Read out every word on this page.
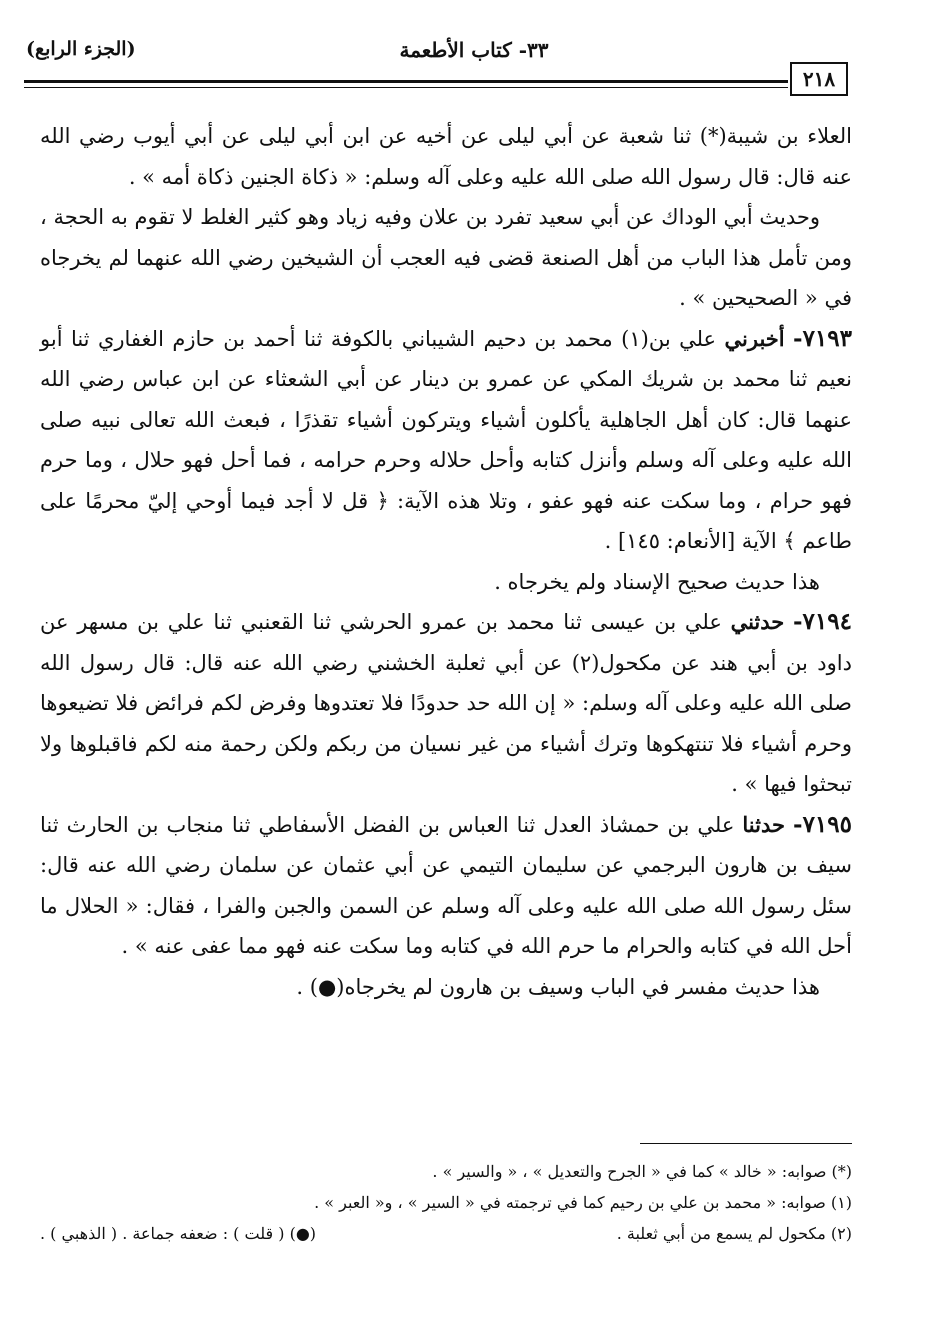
(الجزء الرابع)	٣٣- كتاب الأطعمة
٢١٨

العلاء بن شيبة(*) ثنا شعبة عن أبي ليلى عن أخيه عن ابن أبي ليلى عن أبي أيوب رضي الله عنه قال: قال رسول الله صلى الله عليه وعلى آله وسلم: « ذكاة الجنين ذكاة أمه » .

وحديث أبي الوداك عن أبي سعيد تفرد بن علان وفيه زياد وهو كثير الغلط لا تقوم به الحجة ، ومن تأمل هذا الباب من أهل الصنعة قضى فيه العجب أن الشيخين رضي الله عنهما لم يخرجاه في « الصحيحين » .

٧١٩٣- أخبرني علي بن(١) محمد بن دحيم الشيباني بالكوفة ثنا أحمد بن حازم الغفاري ثنا أبو نعيم ثنا محمد بن شريك المكي عن عمرو بن دينار عن أبي الشعثاء عن ابن عباس رضي الله عنهما قال: كان أهل الجاهلية يأكلون أشياء ويتركون أشياء تقذرًا ، فبعث الله تعالى نبيه صلى الله عليه وعلى آله وسلم وأنزل كتابه وأحل حلاله وحرم حرامه ، فما أحل فهو حلال ، وما حرم فهو حرام ، وما سكت عنه فهو عفو ، وتلا هذه الآية: ﴿ قل لا أجد فيما أوحي إليّ محرمًا على طاعم ﴾ الآية [الأنعام: ١٤٥] .

هذا حديث صحيح الإسناد ولم يخرجاه .

٧١٩٤- حدثني علي بن عيسى ثنا محمد بن عمرو الحرشي ثنا القعنبي ثنا علي بن مسهر عن داود بن أبي هند عن مكحول(٢) عن أبي ثعلبة الخشني رضي الله عنه قال: قال رسول الله صلى الله عليه وعلى آله وسلم: « إن الله حد حدودًا فلا تعتدوها وفرض لكم فرائض فلا تضيعوها وحرم أشياء فلا تنتهكوها وترك أشياء من غير نسيان من ربكم ولكن رحمة منه لكم فاقبلوها ولا تبحثوا فيها » .

٧١٩٥- حدثنا علي بن حمشاذ العدل ثنا العباس بن الفضل الأسفاطي ثنا منجاب بن الحارث ثنا سيف بن هارون البرجمي عن سليمان التيمي عن أبي عثمان عن سلمان رضي الله عنه قال: سئل رسول الله صلى الله عليه وعلى آله وسلم عن السمن والجبن والفرا ، فقال: « الحلال ما أحل الله في كتابه والحرام ما حرم الله في كتابه وما سكت عنه فهو مما عفى عنه » .

هذا حديث مفسر في الباب وسيف بن هارون لم يخرجاه(●) .

(*) صوابه: « خالد » كما في « الجرح والتعديل » ، « والسير » .

(١) صوابه: « محمد بن علي بن رحيم كما في ترجمته في « السير » ، و« العبر » .

(٢) مكحول لم يسمع من أبي ثعلبة .

(●) ( قلت ) : ضعفه جماعة . ( الذهبي ) .
